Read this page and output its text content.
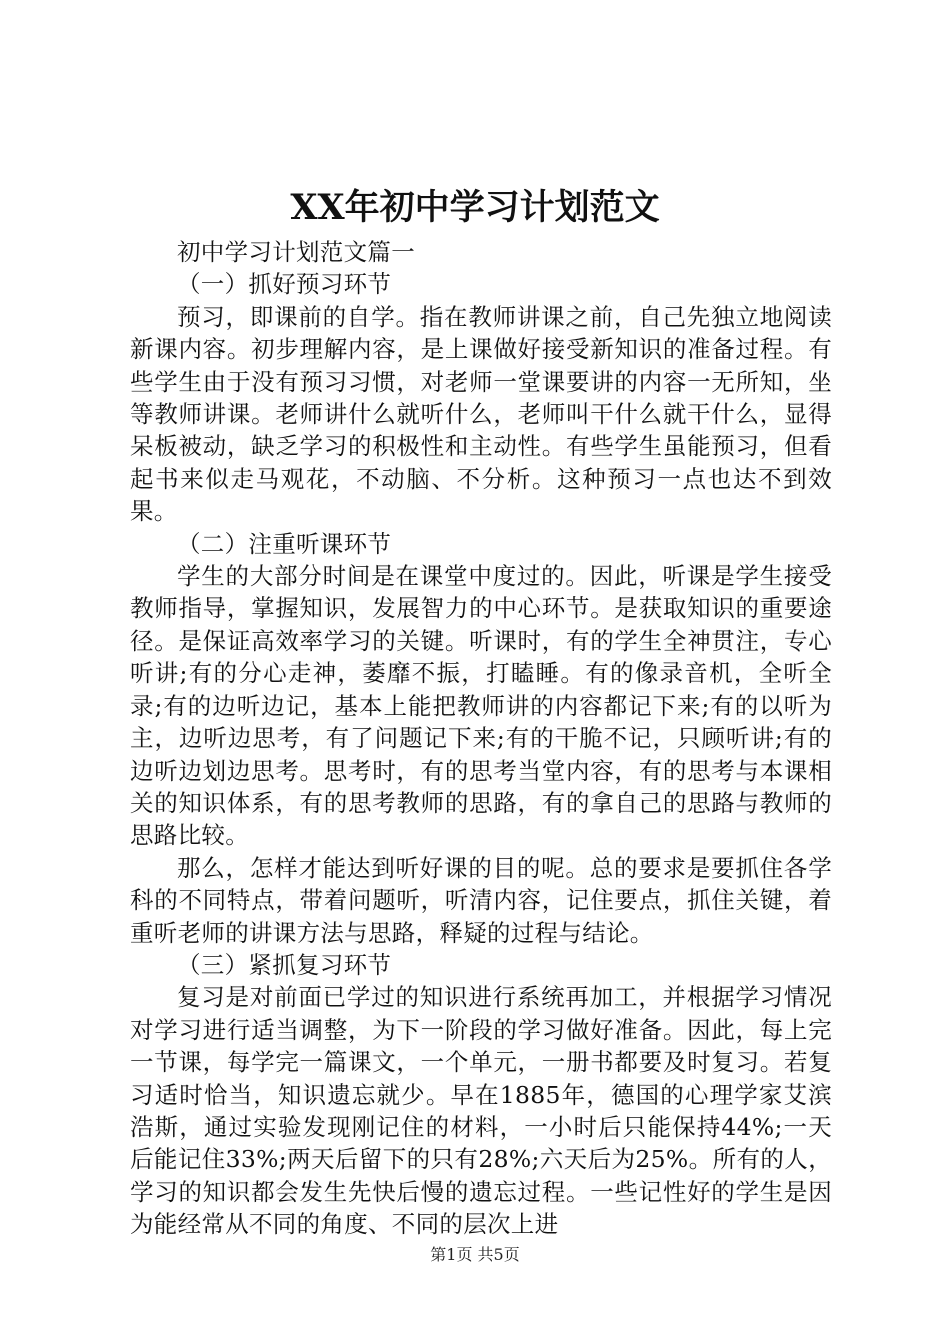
XX年初中学习计划范文

初中学习计划范文篇一

（一）抓好预习环节

预习，即课前的自学。指在教师讲课之前，自己先独立地阅读新课内容。初步理解内容，是上课做好接受新知识的准备过程。有些学生由于没有预习习惯，对老师一堂课要讲的内容一无所知，坐等教师讲课。老师讲什么就听什么，老师叫干什么就干什么，显得呆板被动，缺乏学习的积极性和主动性。有些学生虽能预习，但看起书来似走马观花，不动脑、不分析。这种预习一点也达不到效果。

（二）注重听课环节

学生的大部分时间是在课堂中度过的。因此，听课是学生接受教师指导，掌握知识，发展智力的中心环节。是获取知识的重要途径。是保证高效率学习的关键。听课时，有的学生全神贯注，专心听讲;有的分心走神，萎靡不振，打瞌睡。有的像录音机，全听全录;有的边听边记，基本上能把教师讲的内容都记下来;有的以听为主，边听边思考，有了问题记下来;有的干脆不记，只顾听讲;有的边听边划边思考。思考时，有的思考当堂内容，有的思考与本课相关的知识体系，有的思考教师的思路，有的拿自己的思路与教师的思路比较。

那么，怎样才能达到听好课的目的呢。总的要求是要抓住各学科的不同特点，带着问题听，听清内容，记住要点，抓住关键，着重听老师的讲课方法与思路，释疑的过程与结论。

（三）紧抓复习环节

复习是对前面已学过的知识进行系统再加工，并根据学习情况对学习进行适当调整，为下一阶段的学习做好准备。因此，每上完一节课，每学完一篇课文，一个单元，一册书都要及时复习。若复习适时恰当，知识遗忘就少。早在1885年，德国的心理学家艾滨浩斯，通过实验发现刚记住的材料，一小时后只能保持44%;一天后能记住33%;两天后留下的只有28%;六天后为25%。所有的人，学习的知识都会发生先快后慢的遗忘过程。一些记性好的学生是因为能经常从不同的角度、不同的层次上进

第1页 共5页
